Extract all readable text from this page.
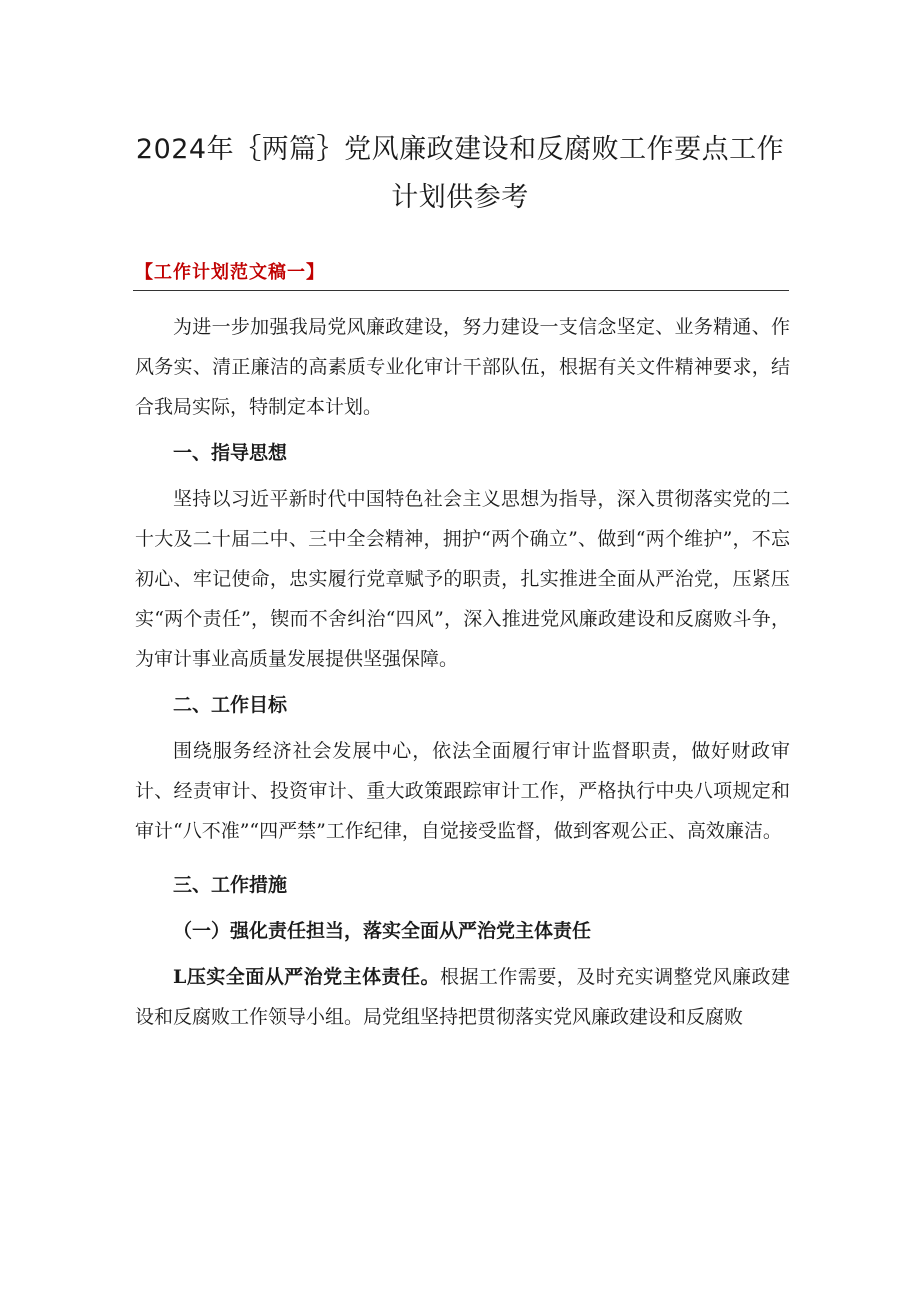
2024年｛两篇｝党风廉政建设和反腐败工作要点工作
计划供参考
【工作计划范文稿一】

为进一步加强我局党风廉政建设，努力建设一支信念坚定、业务精通、作风务实、清正廉洁的高素质专业化审计干部队伍，根据有关文件精神要求，结合我局实际，特制定本计划。

一、指导思想

坚持以习近平新时代中国特色社会主义思想为指导，深入贯彻落实党的二十大及二十届二中、三中全会精神，拥护“两个确立”、做到“两个维护”，不忘初心、牢记使命，忠实履行党章赋予的职责，扎实推进全面从严治党，压紧压实“两个责任”，锲而不舍纠治“四风”，深入推进党风廉政建设和反腐败斗争，为审计事业高质量发展提供坚强保障。

二、工作目标

围绕服务经济社会发展中心，依法全面履行审计监督职责，做好财政审计、经责审计、投资审计、重大政策跟踪审计工作，严格执行中央八项规定和审计“八不准”“四严禁”工作纪律，自觉接受监督，做到客观公正、高效廉洁。

三、工作措施
（一）强化责任担当，落实全面从严治党主体责任

L压实全面从严治党主体责任。根据工作需要，及时充实调整党风廉政建设和反腐败工作领导小组。局党组坚持把贯彻落实党风廉政建设和反腐败
